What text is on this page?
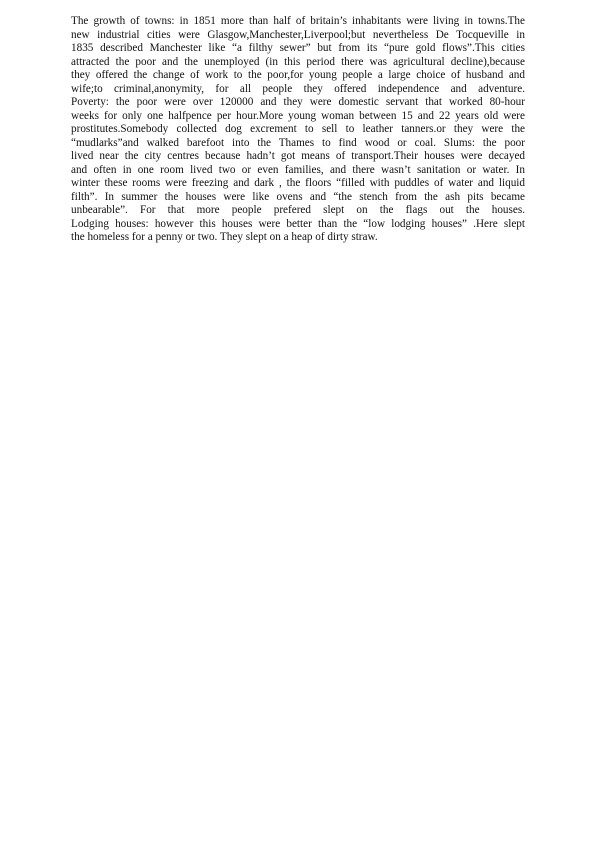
The growth of towns: in 1851 more than half of britain’s inhabitants were living in towns.The
new industrial cities were Glasgow,Manchester,Liverpool;but nevertheless De Tocqueville in
1835 described Manchester like “a filthy sewer” but from its “pure gold flows”.This cities
attracted the poor and the unemployed (in this period there was agricultural decline),because
they offered the change of work to the poor,for young people a large choice of husband and
wife;to criminal,anonymity, for all people they offered independence and adventure.
Poverty: the poor were over 120000 and they were domestic servant that worked 80-hour
weeks for only one halfpence per hour.More young woman between 15 and 22 years old were
prostitutes.Somebody collected dog excrement to sell to leather tanners.or they were the
“mudlarks”and walked barefoot into the Thames to find wood or coal. Slums: the poor
lived near the city centres because hadn’t got means of transport.Their houses were decayed
and often in one room lived two or even families, and there wasn’t sanitation or water. In
winter these rooms were freezing and dark , the floors “filled with puddles of water and liquid
filth”. In summer the houses were like ovens and “the stench from the ash pits became
unbearable”. For that more people prefered slept on the flags out the houses.
Lodging houses: however this houses were better than the “low lodging houses” .Here slept
the homeless for a penny or two. They slept on a heap of dirty straw.
